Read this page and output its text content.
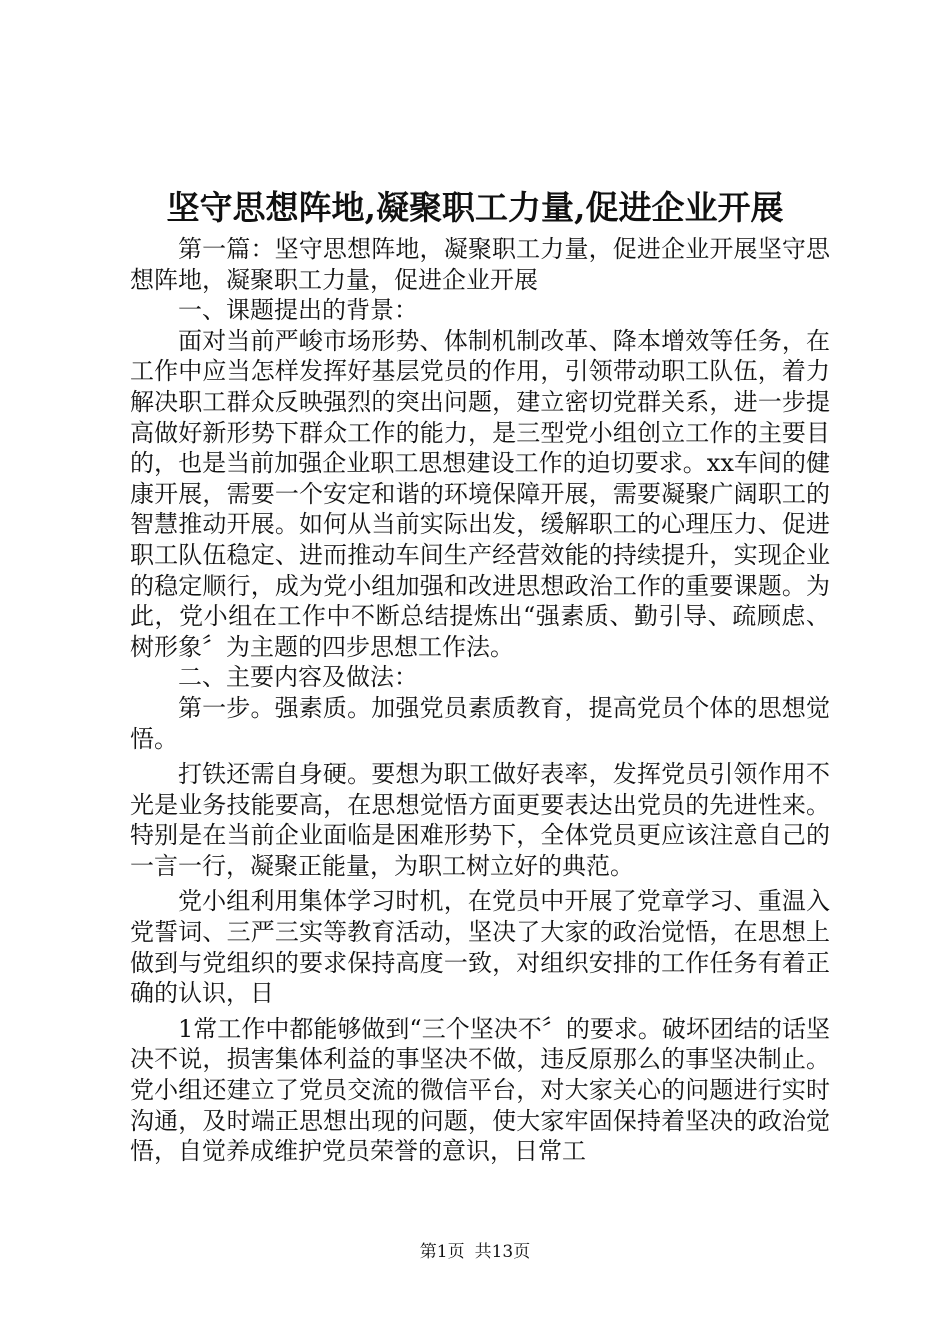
坚守思想阵地,凝聚职工力量,促进企业开展

第一篇：坚守思想阵地，凝聚职工力量，促进企业开展坚守思想阵地，凝聚职工力量，促进企业开展

一、课题提出的背景：

面对当前严峻市场形势、体制机制改革、降本增效等任务，在工作中应当怎样发挥好基层党员的作用，引领带动职工队伍，着力解决职工群众反映强烈的突出问题，建立密切党群关系，进一步提高做好新形势下群众工作的能力，是三型党小组创立工作的主要目的，也是当前加强企业职工思想建设工作的迫切要求。xx车间的健康开展，需要一个安定和谐的环境保障开展，需要凝聚广阔职工的智慧推动开展。如何从当前实际出发，缓解职工的心理压力、促进职工队伍稳定、进而推动车间生产经营效能的持续提升，实现企业的稳定顺行，成为党小组加强和改进思想政治工作的重要课题。为此，党小组在工作中不断总结提炼出“强素质、勤引导、疏顾虑、树形象〞为主题的四步思想工作法。

二、主要内容及做法：

第一步。强素质。加强党员素质教育，提高党员个体的思想觉悟。

打铁还需自身硬。要想为职工做好表率，发挥党员引领作用不光是业务技能要高，在思想觉悟方面更要表达出党员的先进性来。特别是在当前企业面临是困难形势下，全体党员更应该注意自己的一言一行，凝聚正能量，为职工树立好的典范。

党小组利用集体学习时机，在党员中开展了党章学习、重温入党誓词、三严三实等教育活动，坚决了大家的政治觉悟，在思想上做到与党组织的要求保持高度一致，对组织安排的工作任务有着正确的认识，日

1常工作中都能够做到“三个坚决不〞的要求。破坏团结的话坚决不说，损害集体利益的事坚决不做，违反原那么的事坚决制止。党小组还建立了党员交流的微信平台，对大家关心的问题进行实时沟通，及时端正思想出现的问题，使大家牢固保持着坚决的政治觉悟，自觉养成维护党员荣誉的意识，日常工

第1页 共13页
